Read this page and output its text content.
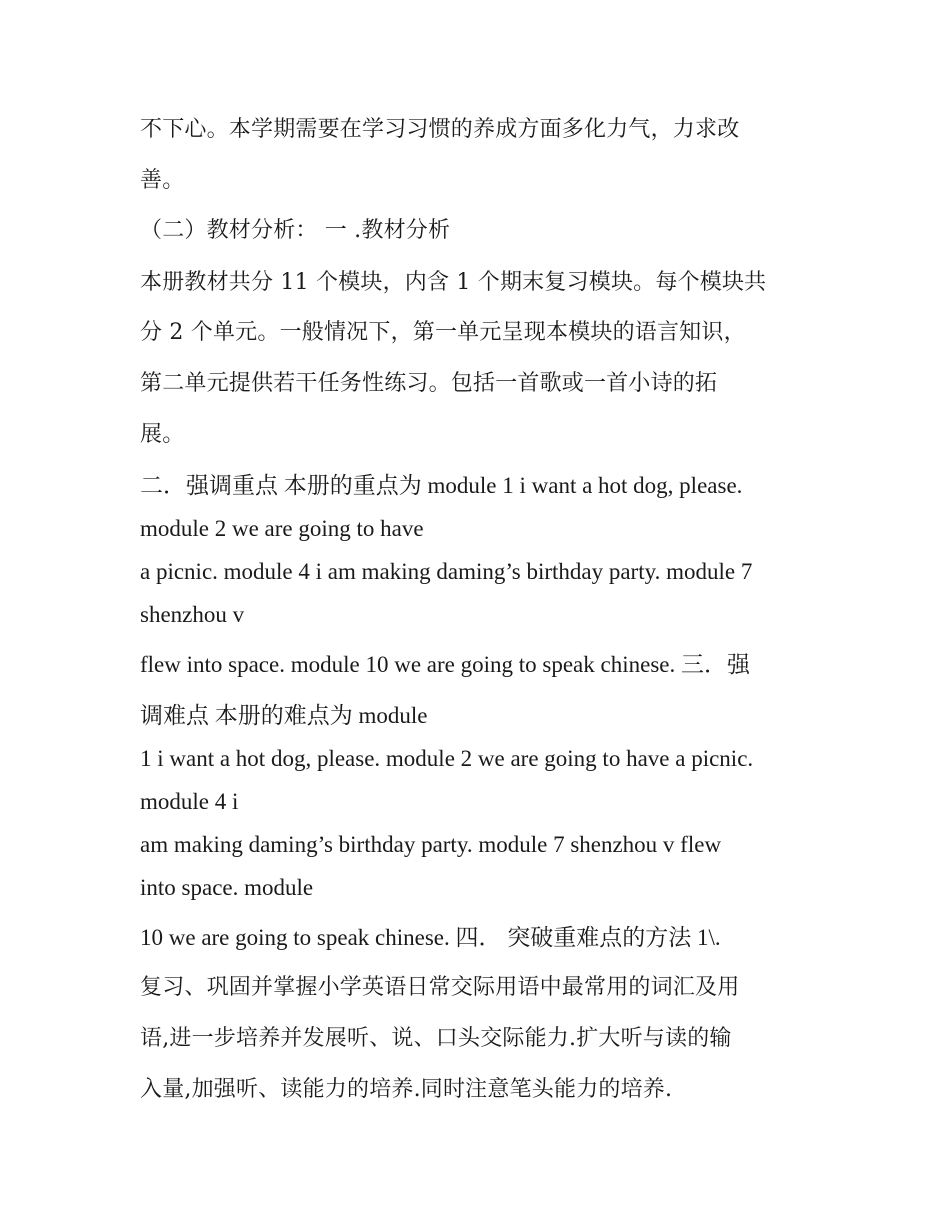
不下心。本学期需要在学习习惯的养成方面多化力气，力求改
善。
（二）教材分析： 一 .教材分析
本册教材共分 11 个模块，内含 1 个期末复习模块。每个模块共
分 2 个单元。一般情况下，第一单元呈现本模块的语言知识，
第二单元提供若干任务性练习。包括一首歌或一首小诗的拓
展。
二．强调重点 本册的重点为 module 1 i want a hot dog, please.
module 2 we are going to have
a picnic. module 4 i am making daming’s birthday party. module 7
shenzhou v
flew into space. module 10 we are going to speak chinese. 三．强
调难点 本册的难点为 module
1 i want a hot dog, please. module 2 we are going to have a picnic.
module 4 i
am making daming’s birthday party. module 7 shenzhou v flew
into space. module
10 we are going to speak chinese. 四． 突破重难点的方法 1\.
复习、巩固并掌握小学英语日常交际用语中最常用的词汇及用
语,进一步培养并发展听、说、口头交际能力.扩大听与读的输
入量,加强听、读能力的培养.同时注意笔头能力的培养.
